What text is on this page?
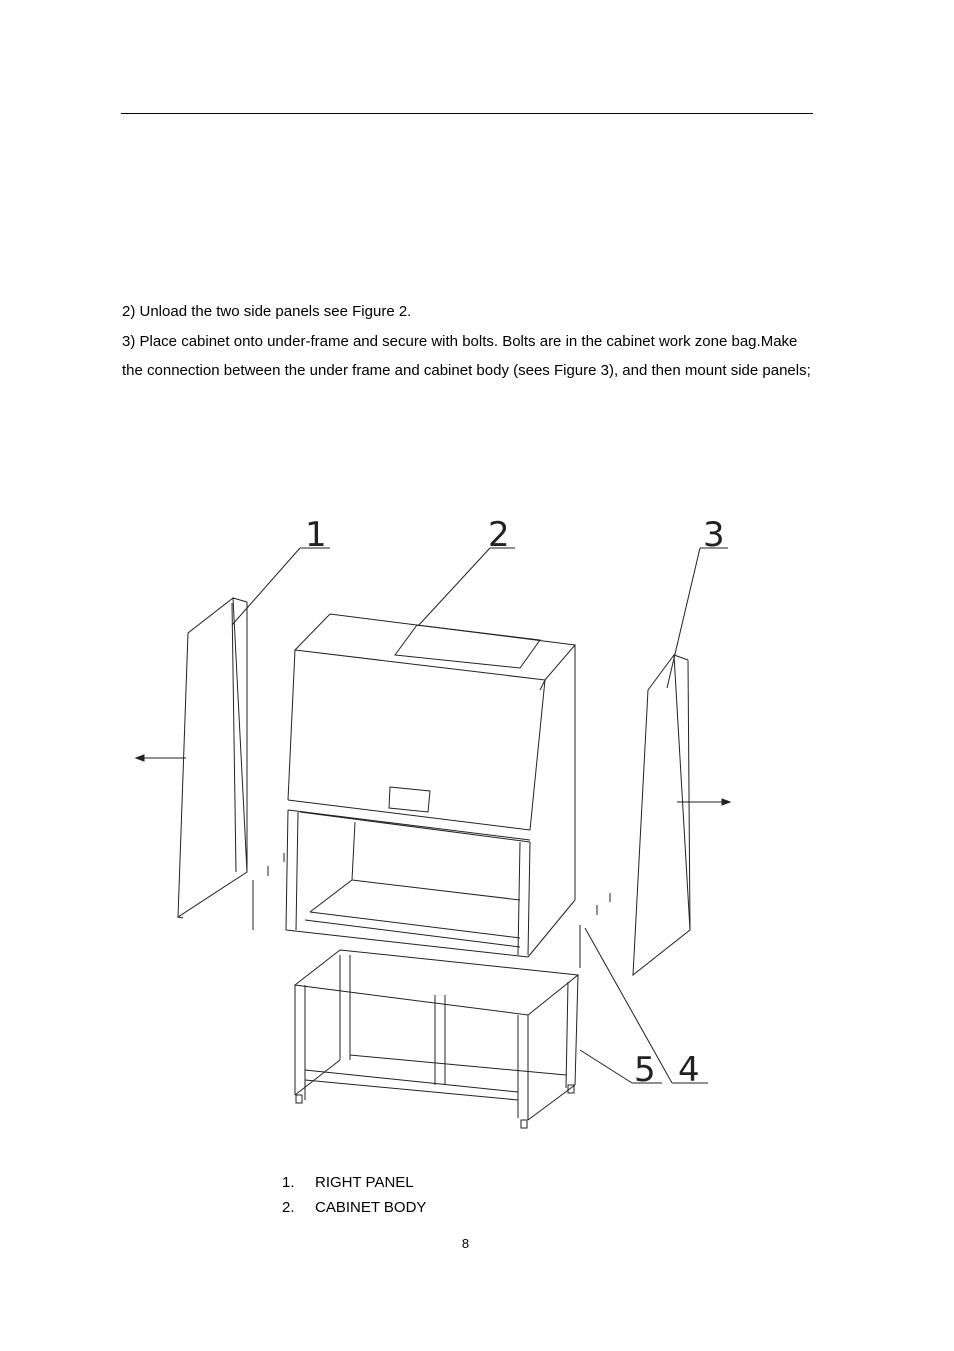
2) Unload the two side panels see Figure 2.

3) Place cabinet onto under-frame and secure with bolts. Bolts are in the cabinet work zone bag.Make the connection between the under frame and cabinet body (sees Figure 3), and then mount side panels;

1	2	3
4
5
1.	RIGHT PANEL
2.	CABINET BODY
8
